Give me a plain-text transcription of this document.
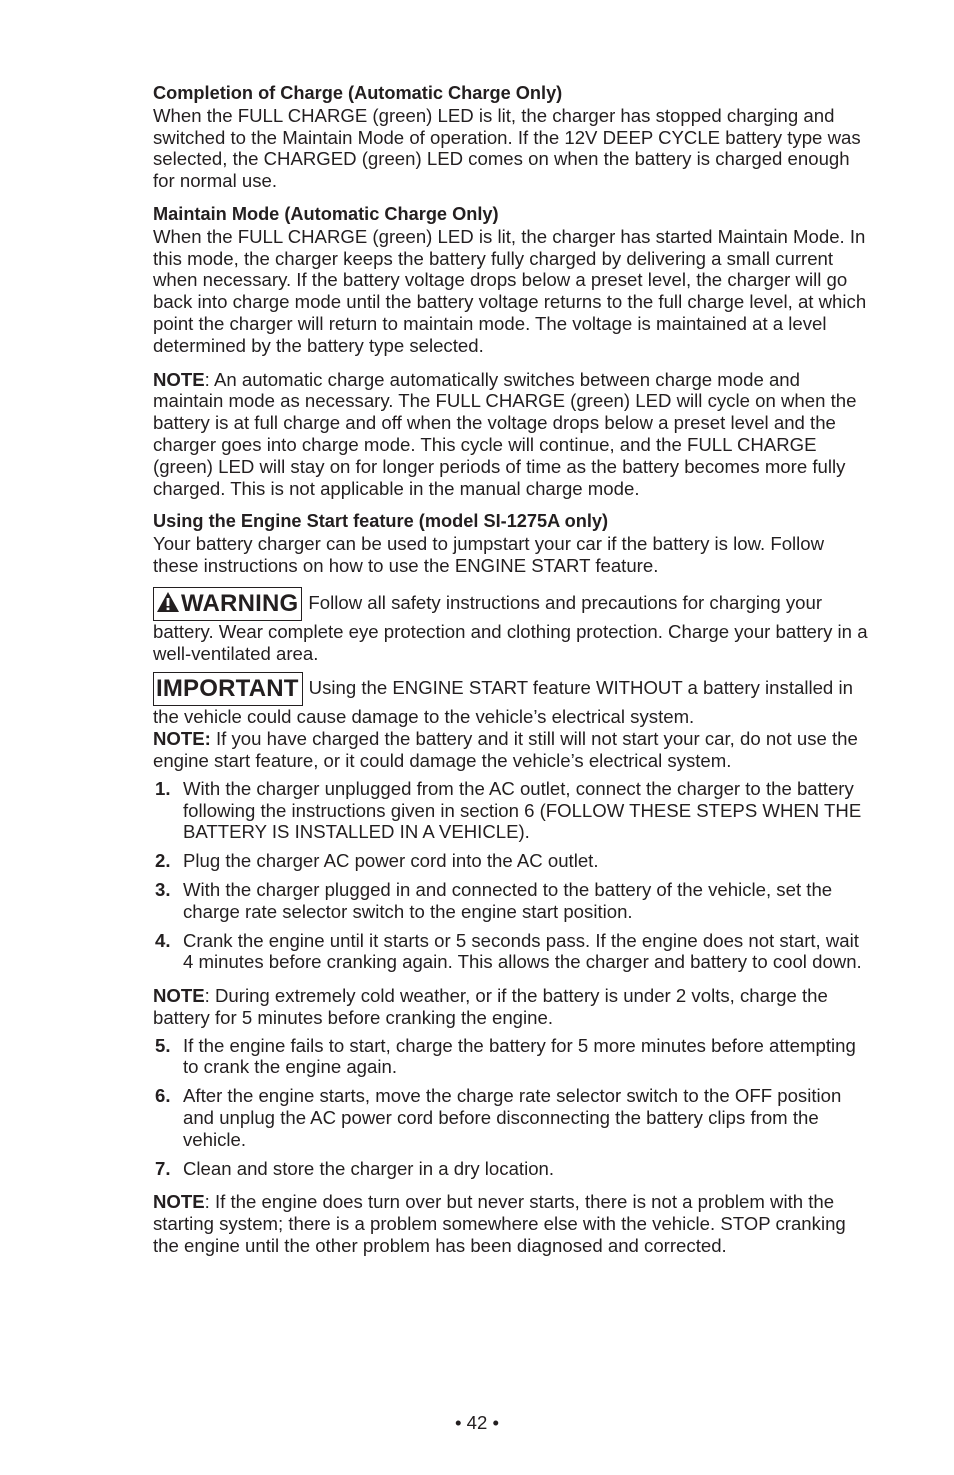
Completion of Charge (Automatic Charge Only)
When the FULL CHARGE (green) LED is lit, the charger has stopped charging and switched to the Maintain Mode of operation. If the 12V DEEP CYCLE battery type was selected, the CHARGED (green) LED comes on when the battery is charged enough for normal use.
Maintain Mode (Automatic Charge Only)
When the FULL CHARGE (green) LED is lit, the charger has started Maintain Mode. In this mode, the charger keeps the battery fully charged by delivering a small current when necessary. If the battery voltage drops below a preset level, the charger will go back into charge mode until the battery voltage returns to the full charge level, at which point the charger will return to maintain mode. The voltage is maintained at a level determined by the battery type selected.
NOTE: An automatic charge automatically switches between charge mode and maintain mode as necessary. The FULL CHARGE (green) LED will cycle on when the battery is at full charge and off when the voltage drops below a preset level and the charger goes into charge mode. This cycle will continue, and the FULL CHARGE (green) LED will stay on for longer periods of time as the battery becomes more fully charged. This is not applicable in the manual charge mode.
Using the Engine Start feature (model SI-1275A only)
Your battery charger can be used to jumpstart your car if the battery is low. Follow these instructions on how to use the ENGINE START feature.
WARNING Follow all safety instructions and precautions for charging your battery. Wear complete eye protection and clothing protection. Charge your battery in a well-ventilated area.
IMPORTANT Using the ENGINE START feature WITHOUT a battery installed in the vehicle could cause damage to the vehicle’s electrical system.
NOTE: If you have charged the battery and it still will not start your car, do not use the engine start feature, or it could damage the vehicle’s electrical system.
1. With the charger unplugged from the AC outlet, connect the charger to the battery following the instructions given in section 6 (FOLLOW THESE STEPS WHEN THE BATTERY IS INSTALLED IN A VEHICLE).
2. Plug the charger AC power cord into the AC outlet.
3. With the charger plugged in and connected to the battery of the vehicle, set the charge rate selector switch to the engine start position.
4. Crank the engine until it starts or 5 seconds pass. If the engine does not start, wait 4 minutes before cranking again. This allows the charger and battery to cool down.
NOTE: During extremely cold weather, or if the battery is under 2 volts, charge the battery for 5 minutes before cranking the engine.
5. If the engine fails to start, charge the battery for 5 more minutes before attempting to crank the engine again.
6. After the engine starts, move the charge rate selector switch to the OFF position and unplug the AC power cord before disconnecting the battery clips from the vehicle.
7. Clean and store the charger in a dry location.
NOTE: If the engine does turn over but never starts, there is not a problem with the starting system; there is a problem somewhere else with the vehicle. STOP cranking the engine until the other problem has been diagnosed and corrected.
• 42 •
